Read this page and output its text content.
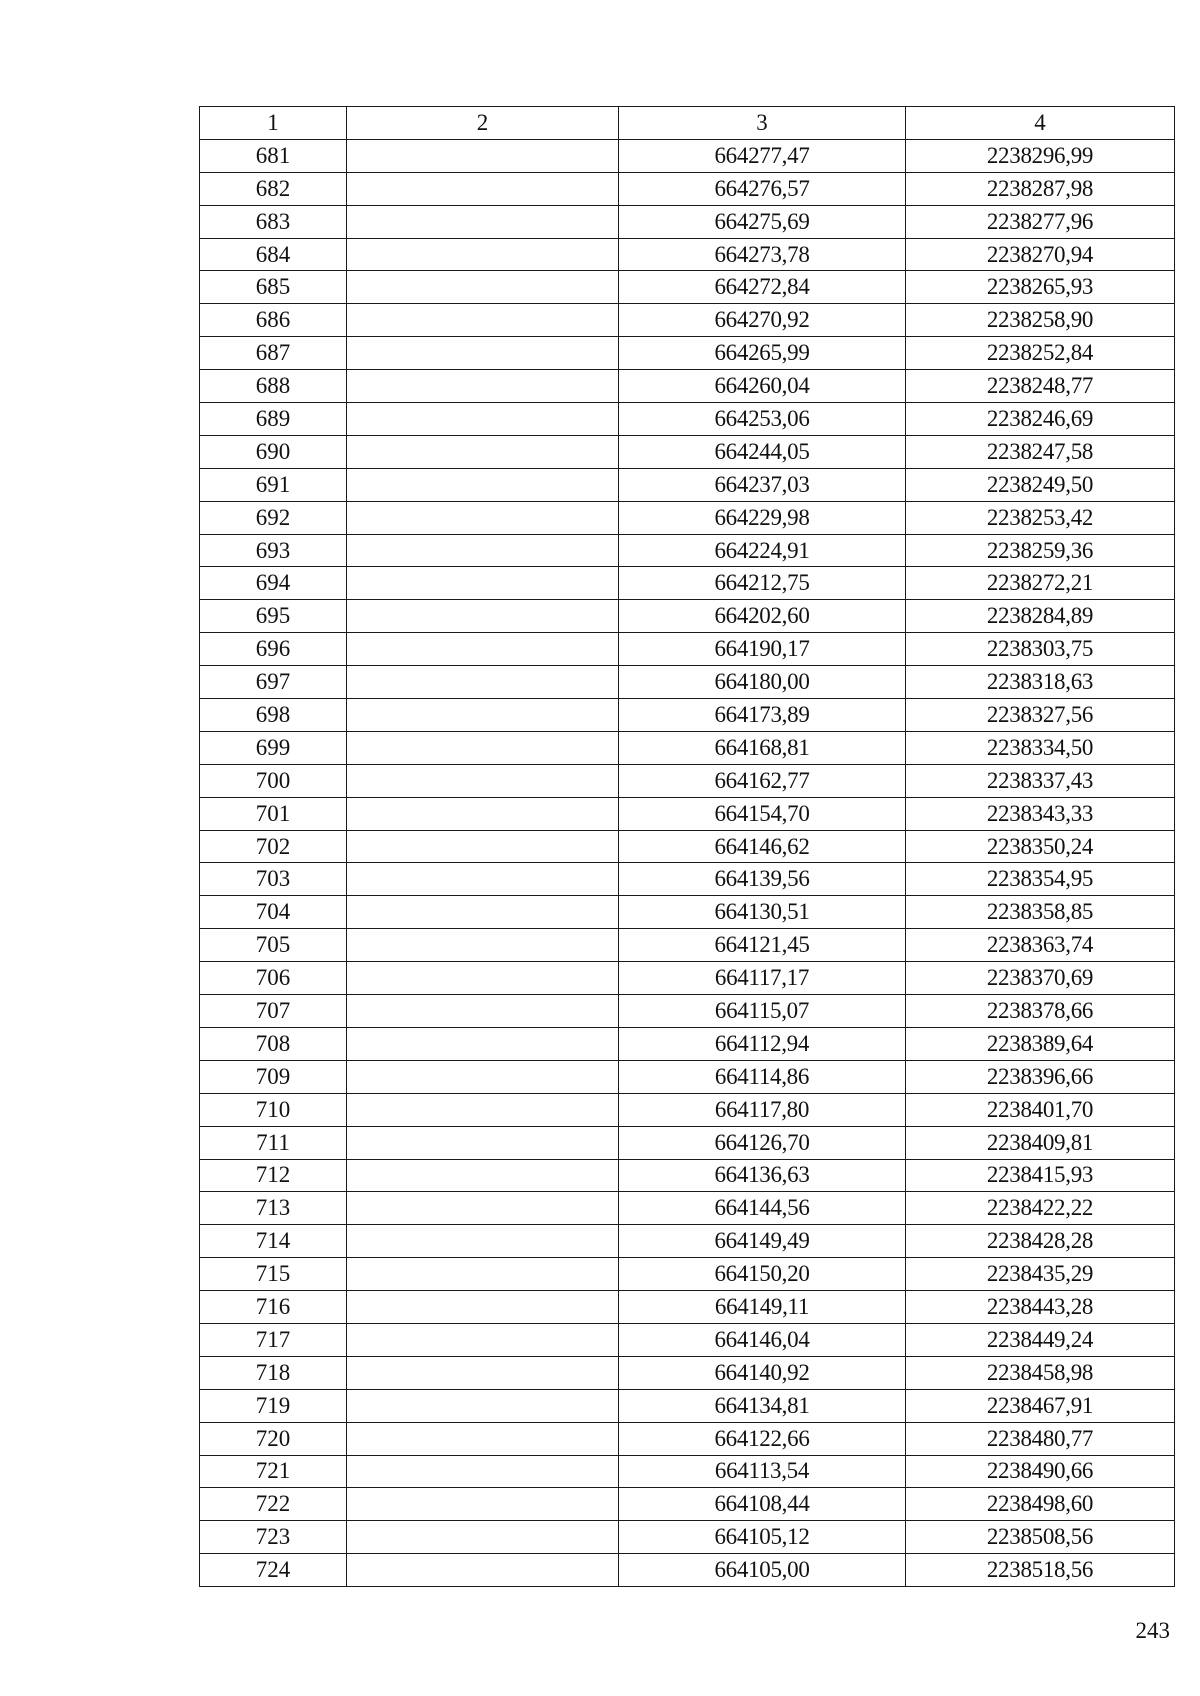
1	2	3	4
681		664277,47	2238296,99
682		664276,57	2238287,98
683		664275,69	2238277,96
684		664273,78	2238270,94
685		664272,84	2238265,93
686		664270,92	2238258,90
687		664265,99	2238252,84
688		664260,04	2238248,77
689		664253,06	2238246,69
690		664244,05	2238247,58
691		664237,03	2238249,50
692		664229,98	2238253,42
693		664224,91	2238259,36
694		664212,75	2238272,21
695		664202,60	2238284,89
696		664190,17	2238303,75
697		664180,00	2238318,63
698		664173,89	2238327,56
699		664168,81	2238334,50
700		664162,77	2238337,43
701		664154,70	2238343,33
702		664146,62	2238350,24
703		664139,56	2238354,95
704		664130,51	2238358,85
705		664121,45	2238363,74
706		664117,17	2238370,69
707		664115,07	2238378,66
708		664112,94	2238389,64
709		664114,86	2238396,66
710		664117,80	2238401,70
711		664126,70	2238409,81
712		664136,63	2238415,93
713		664144,56	2238422,22
714		664149,49	2238428,28
715		664150,20	2238435,29
716		664149,11	2238443,28
717		664146,04	2238449,24
718		664140,92	2238458,98
719		664134,81	2238467,91
720		664122,66	2238480,77
721		664113,54	2238490,66
722		664108,44	2238498,60
723		664105,12	2238508,56
724		664105,00	2238518,56
243
